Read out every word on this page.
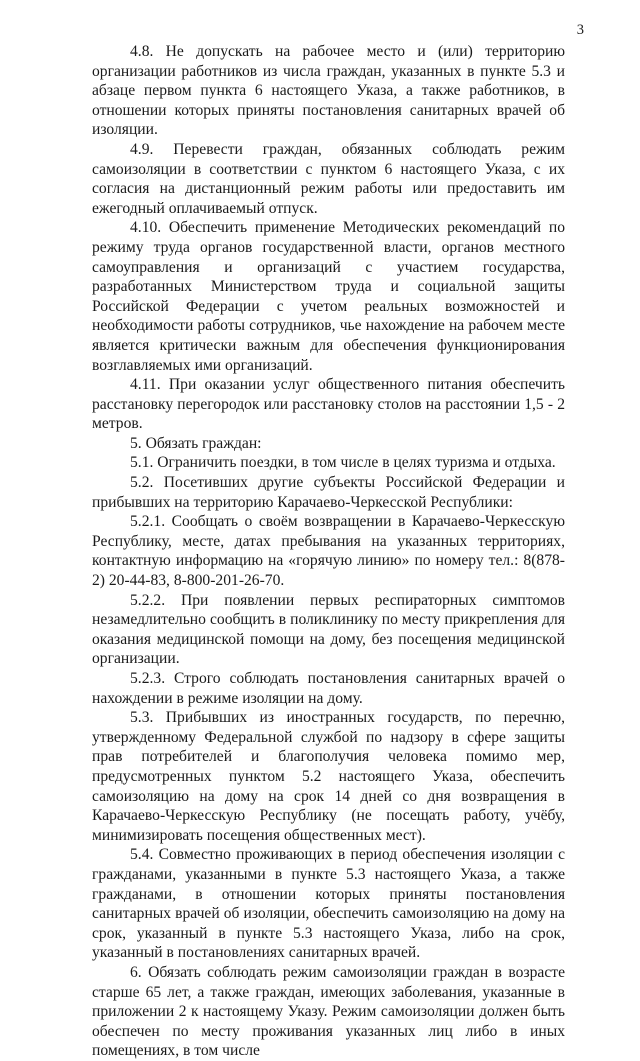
3

4.8. Не допускать на рабочее место и (или) территорию организации работников из числа граждан, указанных в пункте 5.3 и абзаце первом пункта 6 настоящего Указа, а также работников, в отношении которых приняты постановления санитарных врачей об изоляции.

4.9. Перевести граждан, обязанных соблюдать режим самоизоляции в соответствии с пунктом 6 настоящего Указа, с их согласия на дистанционный режим работы или предоставить им ежегодный оплачиваемый отпуск.

4.10. Обеспечить применение Методических рекомендаций по режиму труда органов государственной власти, органов местного самоуправления и организаций с участием государства, разработанных Министерством труда и социальной защиты Российской Федерации с учетом реальных возможностей и необходимости работы сотрудников, чье нахождение на рабочем месте является критически важным для обеспечения функционирования возглавляемых ими организаций.

4.11. При оказании услуг общественного питания обеспечить расстановку перегородок или расстановку столов на расстоянии 1,5 - 2 метров.

5. Обязать граждан:

5.1. Ограничить поездки, в том числе в целях туризма и отдыха.

5.2. Посетивших другие субъекты Российской Федерации и прибывших на территорию Карачаево-Черкесской Республики:

5.2.1. Сообщать о своём возвращении в Карачаево-Черкесскую Республику, месте, датах пребывания на указанных территориях, контактную информацию на «горячую линию» по номеру тел.: 8(878-2) 20-44-83, 8-800-201-26-70.

5.2.2. При появлении первых респираторных симптомов незамедлительно сообщить в поликлинику по месту прикрепления для оказания медицинской помощи на дому, без посещения медицинской организации.

5.2.3. Строго соблюдать постановления санитарных врачей о нахождении в режиме изоляции на дому.

5.3. Прибывших из иностранных государств, по перечню, утвержденному Федеральной службой по надзору в сфере защиты прав потребителей и благополучия человека помимо мер, предусмотренных пунктом 5.2 настоящего Указа, обеспечить самоизоляцию на дому на срок 14 дней со дня возвращения в Карачаево-Черкесскую Республику (не посещать работу, учёбу, минимизировать посещения общественных мест).

5.4. Совместно проживающих в период обеспечения изоляции с гражданами, указанными в пункте 5.3 настоящего Указа, а также гражданами, в отношении которых приняты постановления санитарных врачей об изоляции, обеспечить самоизоляцию на дому на срок, указанный в пункте 5.3 настоящего Указа, либо на срок, указанный в постановлениях санитарных врачей.

6. Обязать соблюдать режим самоизоляции граждан в возрасте старше 65 лет, а также граждан, имеющих заболевания, указанные в приложении 2 к настоящему Указу. Режим самоизоляции должен быть обеспечен по месту проживания указанных лиц либо в иных помещениях, в том числе
